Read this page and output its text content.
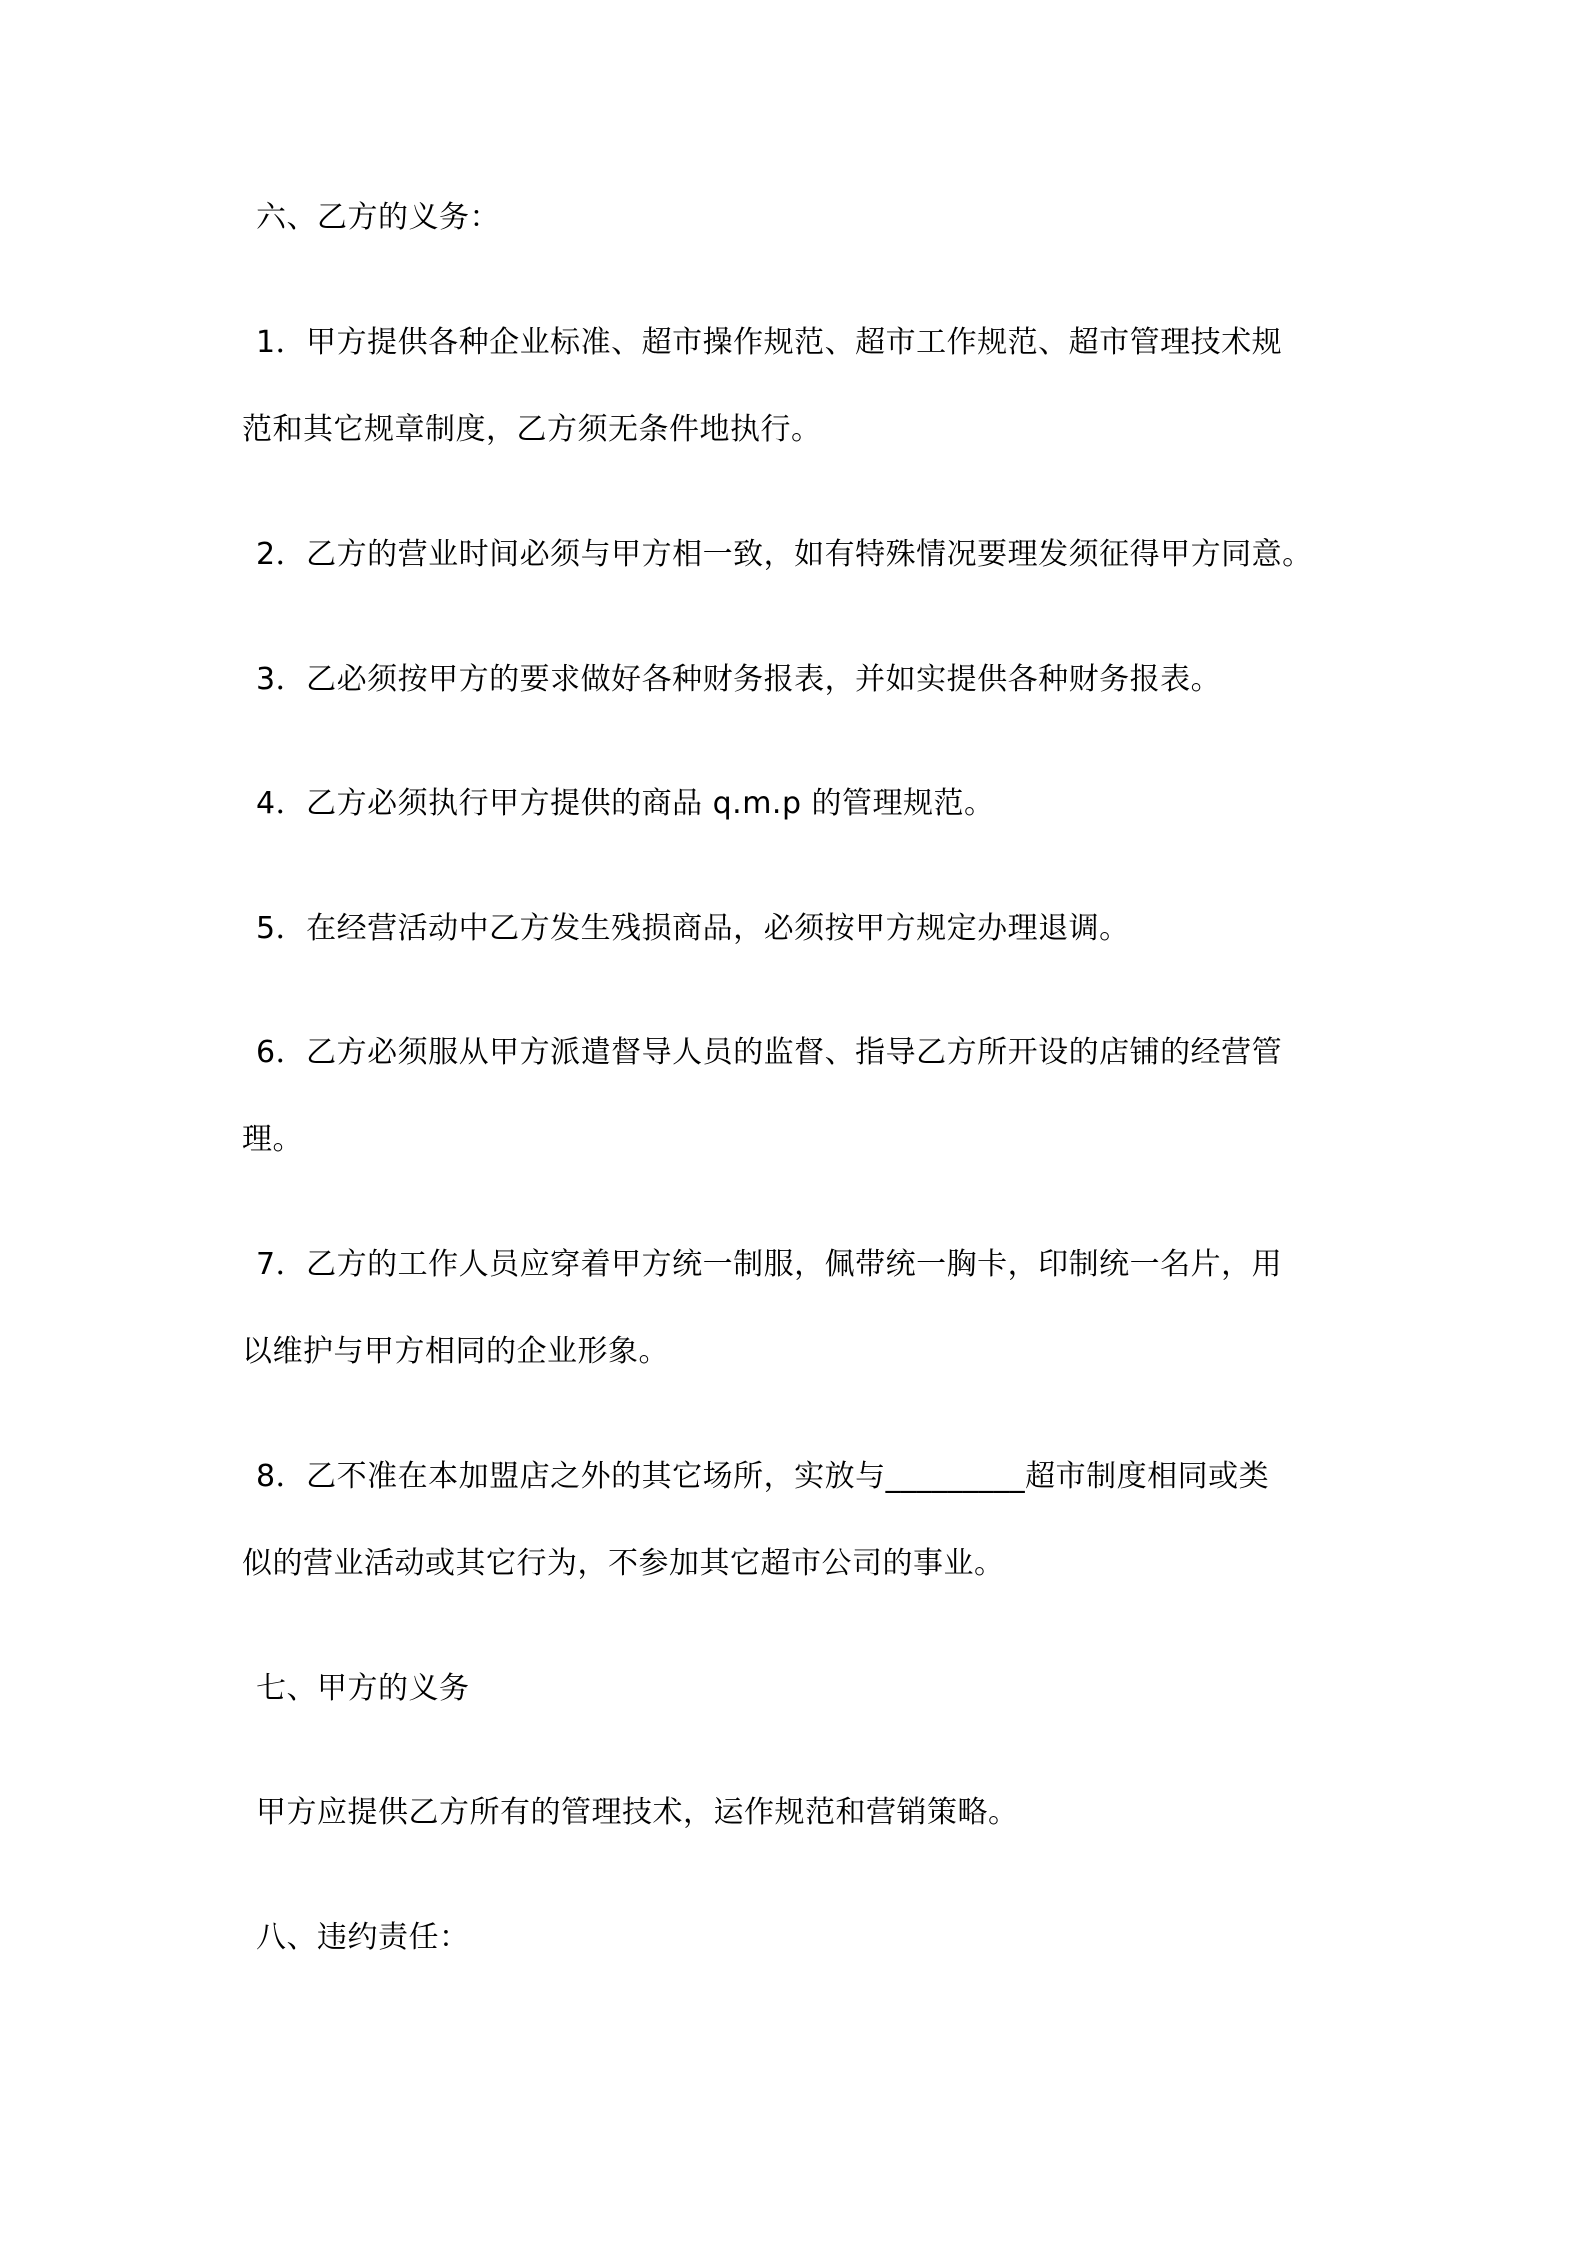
六、乙方的义务：
1．甲方提供各种企业标准、超市操作规范、超市工作规范、超市管理技术规
范和其它规章制度，乙方须无条件地执行。
2．乙方的营业时间必须与甲方相一致，如有特殊情况要理发须征得甲方同意。
3．乙必须按甲方的要求做好各种财务报表，并如实提供各种财务报表。
4．乙方必须执行甲方提供的商品 q.m.p 的管理规范。
5．在经营活动中乙方发生残损商品，必须按甲方规定办理退调。
6．乙方必须服从甲方派遣督导人员的监督、指导乙方所开设的店铺的经营管
理。
7．乙方的工作人员应穿着甲方统一制服，佩带统一胸卡，印制统一名片，用
以维护与甲方相同的企业形象。
8．乙不准在本加盟店之外的其它场所，实放与_________超市制度相同或类
似的营业活动或其它行为，不参加其它超市公司的事业。
七、甲方的义务
甲方应提供乙方所有的管理技术，运作规范和营销策略。
八、违约责任：
